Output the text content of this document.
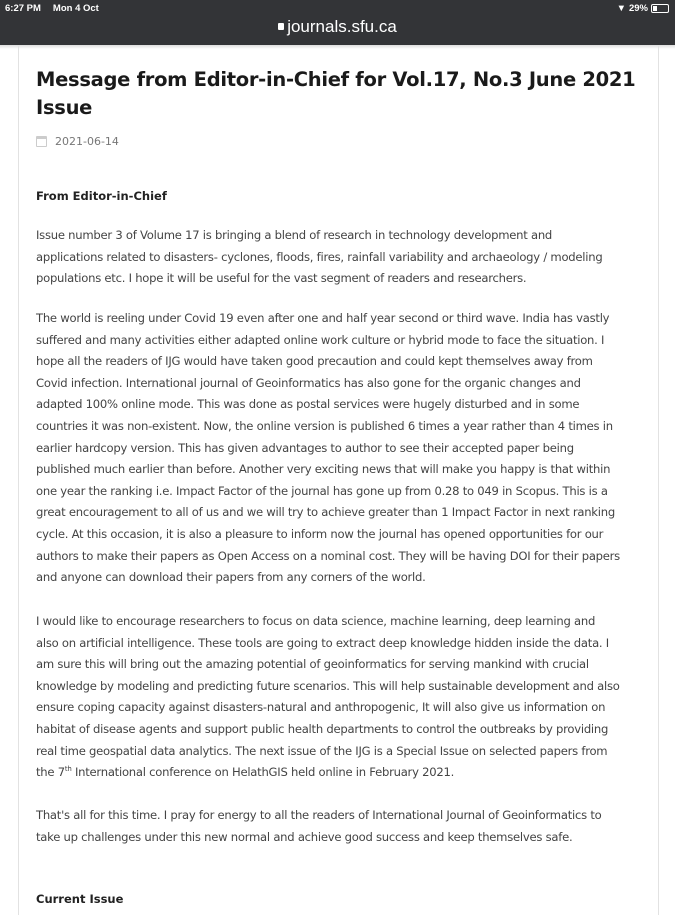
6:27 PM Mon 4 Oct	▼ 29%
journals.sfu.ca
Message from Editor-in-Chief for Vol.17, No.3 June 2021 Issue
2021-06-14
From Editor-in-Chief
Issue number 3 of Volume 17 is bringing a blend of research in technology development and
applications related to disasters- cyclones, floods, fires, rainfall variability and archaeology / modeling
populations etc. I hope it will be useful for the vast segment of readers and researchers.
The world is reeling under Covid 19 even after one and half year second or third wave. India has vastly
suffered and many activities either adapted online work culture or hybrid mode to face the situation. I
hope all the readers of IJG would have taken good precaution and could kept themselves away from
Covid infection. International journal of Geoinformatics has also gone for the organic changes and
adapted 100% online mode. This was done as postal services were hugely disturbed and in some
countries it was non-existent. Now, the online version is published 6 times a year rather than 4 times in
earlier hardcopy version. This has given advantages to author to see their accepted paper being
published much earlier than before. Another very exciting news that will make you happy is that within
one year the ranking i.e. Impact Factor of the journal has gone up from 0.28 to 049 in Scopus. This is a
great encouragement to all of us and we will try to achieve greater than 1 Impact Factor in next ranking
cycle. At this occasion, it is also a pleasure to inform now the journal has opened opportunities for our
authors to make their papers as Open Access on a nominal cost. They will be having DOI for their papers
and anyone can download their papers from any corners of the world.
I would like to encourage researchers to focus on data science, machine learning, deep learning and
also on artificial intelligence. These tools are going to extract deep knowledge hidden inside the data. I
am sure this will bring out the amazing potential of geoinformatics for serving mankind with crucial
knowledge by modeling and predicting future scenarios. This will help sustainable development and also
ensure coping capacity against disasters-natural and anthropogenic, It will also give us information on
habitat of disease agents and support public health departments to control the outbreaks by providing
real time geospatial data analytics. The next issue of the IJG is a Special Issue on selected papers from
the 7th International conference on HelathGIS held online in February 2021.
That's all for this time. I pray for energy to all the readers of International Journal of Geoinformatics to
take up challenges under this new normal and achieve good success and keep themselves safe.
Current Issue
